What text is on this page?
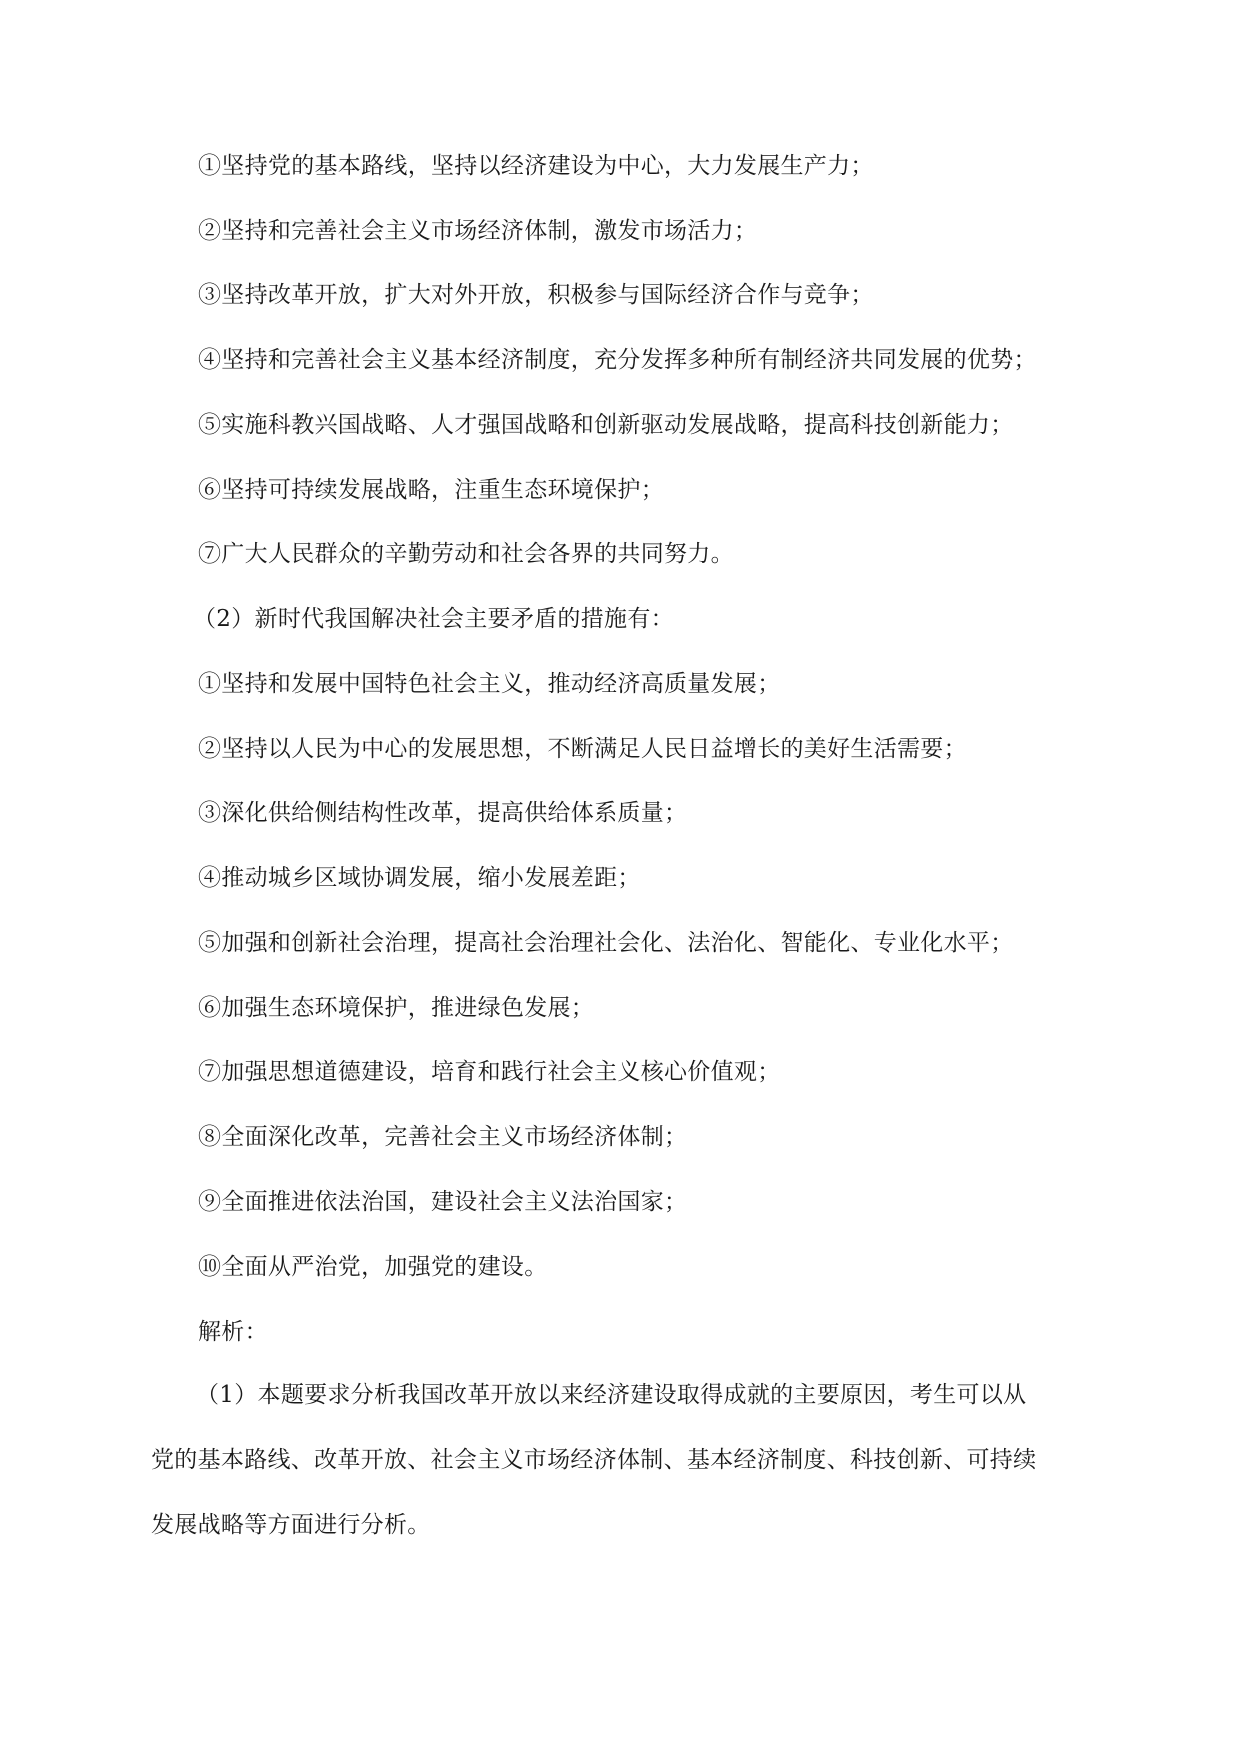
①坚持党的基本路线，坚持以经济建设为中心，大力发展生产力；
②坚持和完善社会主义市场经济体制，激发市场活力；
③坚持改革开放，扩大对外开放，积极参与国际经济合作与竞争；
④坚持和完善社会主义基本经济制度，充分发挥多种所有制经济共同发展的优势；
⑤实施科教兴国战略、人才强国战略和创新驱动发展战略，提高科技创新能力；
⑥坚持可持续发展战略，注重生态环境保护；
⑦广大人民群众的辛勤劳动和社会各界的共同努力。
（2）新时代我国解决社会主要矛盾的措施有：
①坚持和发展中国特色社会主义，推动经济高质量发展；
②坚持以人民为中心的发展思想，不断满足人民日益增长的美好生活需要；
③深化供给侧结构性改革，提高供给体系质量；
④推动城乡区域协调发展，缩小发展差距；
⑤加强和创新社会治理，提高社会治理社会化、法治化、智能化、专业化水平；
⑥加强生态环境保护，推进绿色发展；
⑦加强思想道德建设，培育和践行社会主义核心价值观；
⑧全面深化改革，完善社会主义市场经济体制；
⑨全面推进依法治国，建设社会主义法治国家；
⑩全面从严治党，加强党的建设。
解析：
（1）本题要求分析我国改革开放以来经济建设取得成就的主要原因，考生可以从
党的基本路线、改革开放、社会主义市场经济体制、基本经济制度、科技创新、可持续
发展战略等方面进行分析。
